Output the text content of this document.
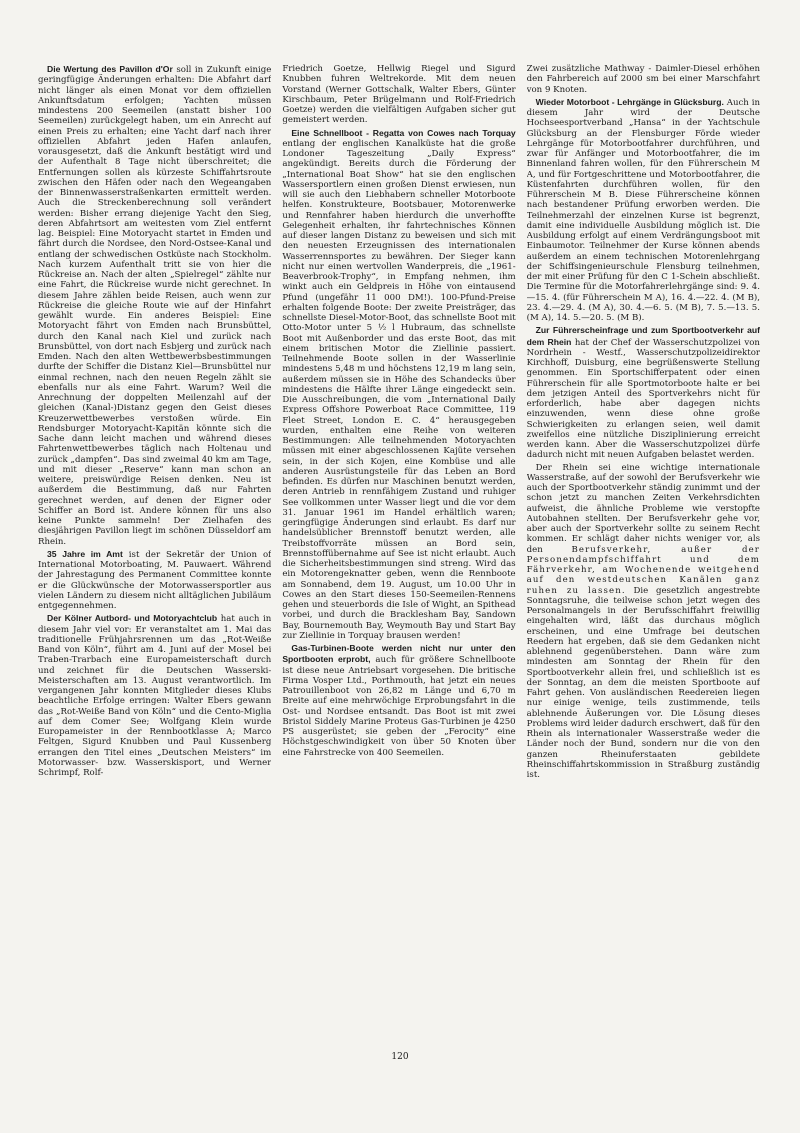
Die Wertung des Pavillon d'Or soll in Zukunft einige geringfügige Änderungen erhalten: Die Abfahrt darf nicht länger als einen Monat vor dem offiziellen Ankunftsdatum erfolgen; Yachten müssen mindestens 200 Seemeilen (anstatt bisher 100 Seemeilen) zurückgelegt haben, um ein Anrecht auf einen Preis zu erhalten; eine Yacht darf nach ihrer offiziellen Abfahrt jeden Hafen anlaufen, vorausgesetzt, daß die Ankunft bestätigt wird und der Aufenthalt 8 Tage nicht überschreitet; die Entfernungen sollen als kürzeste Schiffahrtsroute zwischen den Häfen oder nach den Wegeangaben der Binnenwasserstraßenkarten ermittelt werden. Auch die Streckenberechnung soll verändert werden: Bisher errang diejenige Yacht den Sieg, deren Abfahrtsort am weitesten vom Ziel entfernt lag. Beispiel: Eine Motoryacht startet in Emden und fährt durch die Nordsee, den Nord-Ostsee-Kanal und entlang der schwedischen Ostküste nach Stockholm. Nach kurzem Aufenthalt tritt sie von hier die Rückreise an. Nach der alten „Spielregel“ zählte nur eine Fahrt, die Rückreise wurde nicht gerechnet. In diesem Jahre zählen beide Reisen, auch wenn zur Rückreise die gleiche Route wie auf der Hinfahrt gewählt wurde. Ein anderes Beispiel: Eine Motoryacht fährt von Emden nach Brunsbüttel, durch den Kanal nach Kiel und zurück nach Brunsbüttel, von dort nach Esbjerg und zurück nach Emden. Nach den alten Wettbewerbsbestimmungen durfte der Schiffer die Distanz Kiel—Brunsbüttel nur einmal rechnen, nach den neuen Regeln zählt sie ebenfalls nur als eine Fahrt. Warum? Weil die Anrechnung der doppelten Meilenzahl auf der gleichen (Kanal-)Distanz gegen den Geist dieses Kreuzerwettbewerbes verstoßen würde. Ein Rendsburger Motoryacht-Kapitän könnte sich die Sache dann leicht machen und während dieses Fahrtenwettbewerbes täglich nach Holtenau und zurück „dampfen“. Das sind zweimal 40 km am Tage, und mit dieser „Reserve“ kann man schon an weitere, preiswürdige Reisen denken. Neu ist außerdem die Bestimmung, daß nur Fahrten gerechnet werden, auf denen der Eigner oder Schiffer an Bord ist. Andere können für uns also keine Punkte sammeln! Der Zielhafen des diesjährigen Pavillon liegt im schönen Düsseldorf am Rhein.

35 Jahre im Amt ist der Sekretär der Union of International Motorboating, M. Pauwaert. Während der Jahrestagung des Permanent Committee konnte er die Glückwünsche der Motorwassersportler aus vielen Ländern zu diesem nicht alltäglichen Jubiläum entgegennehmen.

Der Kölner Autbord- und Motoryachtclub hat auch in diesem Jahr viel vor: Er veranstaltet am 1. Mai das traditionelle Frühjahrsrennen um das „Rot-Weiße Band von Köln“, führt am 4. Juni auf der Mosel bei Traben-Trarbach eine Europameisterschaft durch und zeichnet für die Deutschen Wasserski-Meisterschaften am 13. August verantwortlich. Im vergangenen Jahr konnten Mitglieder dieses Klubs beachtliche Erfolge erringen: Walter Ebers gewann das „Rot-Weiße Band von Köln“ und die Cento-Miglia auf dem Comer See; Wolfgang Klein wurde Europameister in der Rennbootklasse A; Marco Feltgen, Sigurd Knubben und Paul Kussenberg errangen den Titel eines „Deutschen Meisters“ im Motorwasser- bzw. Wasserskisport, und Werner Schrimpf, Rolf-

Friedrich Goetze, Hellwig Riegel und Sigurd Knubben fuhren Weltrekorde. Mit dem neuen Vorstand (Werner Gottschalk, Walter Ebers, Günter Kirschbaum, Peter Brügelmann und Rolf-Friedrich Goetze) werden die vielfältigen Aufgaben sicher gut gemeistert werden.

Eine Schnellboot - Regatta von Cowes nach Torquay entlang der englischen Kanalküste hat die große Londoner Tageszeitung „Daily Express“ angekündigt. Bereits durch die Förderung der „International Boat Show“ hat sie den englischen Wassersportlern einen großen Dienst erwiesen, nun will sie auch den Liebhabern schneller Motorboote helfen. Konstrukteure, Bootsbauer, Motorenwerke und Rennfahrer haben hierdurch die unverhoffte Gelegenheit erhalten, ihr fahrtechnisches Können auf dieser langen Distanz zu beweisen und sich mit den neuesten Erzeugnissen des internationalen Wasserrennsportes zu bewähren. Der Sieger kann nicht nur einen wertvollen Wanderpreis, die „1961-Beaverbrook-Trophy“, in Empfang nehmen, ihm winkt auch ein Geldpreis in Höhe von eintausend Pfund (ungefähr 11 000 DM!). 100-Pfund-Preise erhalten folgende Boote: Der zweite Preisträger, das schnellste Diesel-Motor-Boot, das schnellste Boot mit Otto-Motor unter 5 ½ l Hubraum, das schnellste Boot mit Außenborder und das erste Boot, das mit einem britischen Motor die Ziellinie passiert. Teilnehmende Boote sollen in der Wasserlinie mindestens 5,48 m und höchstens 12,19 m lang sein, außerdem müssen sie in Höhe des Schandecks über mindestens die Hälfte ihrer Länge eingedeckt sein. Die Ausschreibungen, die vom „International Daily Express Offshore Powerboat Race Committee, 119 Fleet Street, London E. C. 4“ herausgegeben wurden, enthalten eine Reihe von weiteren Bestimmungen: Alle teilnehmenden Motoryachten müssen mit einer abgeschlossenen Kajüte versehen sein, in der sich Kojen, eine Kombüse und alle anderen Ausrüstungsteile für das Leben an Bord befinden. Es dürfen nur Maschinen benutzt werden, deren Antrieb in rennfähigem Zustand und ruhiger See vollkommen unter Wasser liegt und die vor dem 31. Januar 1961 im Handel erhältlich waren; geringfügige Änderungen sind erlaubt. Es darf nur handelsüblicher Brennstoff benutzt werden, alle Treibstoffvorräte müssen an Bord sein, Brennstoffübernahme auf See ist nicht erlaubt. Auch die Sicherheitsbestimmungen sind streng. Wird das ein Motorengeknatter geben, wenn die Rennboote am Sonnabend, dem 19. August, um 10.00 Uhr in Cowes an den Start dieses 150-Seemeilen-Rennens gehen und steuerbords die Isle of Wight, an Spithead vorbei, und durch die Bracklesham Bay, Sandown Bay, Bournemouth Bay, Weymouth Bay und Start Bay zur Ziellinie in Torquay brausen werden!

Gas-Turbinen-Boote werden nicht nur unter den Sportbooten erprobt, auch für größere Schnellboote ist diese neue Antriebsart vorgesehen. Die britische Firma Vosper Ltd., Porthmouth, hat jetzt ein neues Patrouillenboot von 26,82 m Länge und 6,70 m Breite auf eine mehrwöchige Erprobungsfahrt in die Ost- und Nordsee entsandt. Das Boot ist mit zwei Bristol Siddely Marine Proteus Gas-Turbinen je 4250 PS ausgerüstet; sie geben der „Ferocity“ eine Höchstgeschwindigkeit von über 50 Knoten über eine Fahrstrecke von 400 Seemeilen.

Zwei zusätzliche Mathway - Daimler-Diesel erhöhen den Fahrbereich auf 2000 sm bei einer Marschfahrt von 9 Knoten.

Wieder Motorboot - Lehrgänge in Glücksburg. Auch in diesem Jahr wird der Deutsche Hochseesportverband „Hansa“ in der Yachtschule Glücksburg an der Flensburger Förde wieder Lehrgänge für Motorbootfahrer durchführen, und zwar für Anfänger und Motorbootfahrer, die im Binnenland fahren wollen, für den Führerschein M A, und für Fortgeschrittene und Motorbootfahrer, die Küstenfahrten durchführen wollen, für den Führerschein M B. Diese Führerscheine können nach bestandener Prüfung erworben werden. Die Teilnehmerzahl der einzelnen Kurse ist begrenzt, damit eine individuelle Ausbildung möglich ist. Die Ausbildung erfolgt auf einem Verdrängungsboot mit Einbaumotor. Teilnehmer der Kurse können abends außerdem an einem technischen Motorenlehrgang der Schiffsingenieurschule Flensburg teilnehmen, der mit einer Prüfung für den C 1-Schein abschließt. Die Termine für die Motorfahrerlehrgänge sind: 9. 4.—15. 4. (für Führerschein M A), 16. 4.—22. 4. (M B), 23. 4.—29. 4. (M A), 30. 4.—6. 5. (M B), 7. 5.—13. 5. (M A), 14. 5.—20. 5. (M B).

Zur Führerscheinfrage und zum Sportbootverkehr auf dem Rhein hat der Chef der Wasserschutzpolizei von Nordrhein - Westf., Wasserschutzpolizeidirektor Kirchhoff, Duisburg, eine begrüßenswerte Stellung genommen. Ein Sportschifferpatent oder einen Führerschein für alle Sportmotorboote halte er bei dem jetzigen Anteil des Sportverkehrs nicht für erforderlich, habe aber dagegen nichts einzuwenden, wenn diese ohne große Schwierigkeiten zu erlangen seien, weil damit zweifellos eine nützliche Disziplinierung erreicht werden kann. Aber die Wasserschutzpolizei dürfe dadurch nicht mit neuen Aufgaben belastet werden.

Der Rhein sei eine wichtige internationale Wasserstraße, auf der sowohl der Berufsverkehr wie auch der Sportbootverkehr ständig zunimmt und der schon jetzt zu manchen Zeiten Verkehrsdichten aufweist, die ähnliche Probleme wie verstopfte Autobahnen stellten. Der Berufsverkehr gehe vor, aber auch der Sportverkehr sollte zu seinem Recht kommen. Er schlägt daher nichts weniger vor, als den Berufsverkehr, außer der Personendampfschiffahrt und dem Fährverkehr, am Wochenende weitgehend auf den westdeutschen Kanälen ganz ruhen zu lassen. Die gesetzlich angestrebte Sonntagsruhe, die teilweise schon jetzt wegen des Personalmangels in der Berufsschiffahrt freiwillig eingehalten wird, läßt das durchaus möglich erscheinen, und eine Umfrage bei deutschen Reedern hat ergeben, daß sie dem Gedanken nicht ablehnend gegenüberstehen. Dann wäre zum mindesten am Sonntag der Rhein für den Sportbootverkehr allein frei, und schließlich ist es der Sonntag, an dem die meisten Sportboote auf Fahrt gehen. Von ausländischen Reedereien liegen nur einige wenige, teils zustimmende, teils ablehnende Äußerungen vor. Die Lösung dieses Problems wird leider dadurch erschwert, daß für den Rhein als internationaler Wasserstraße weder die Länder noch der Bund, sondern nur die von den ganzen Rheinuferstaaten gebildete Rheinschiffahrtskommission in Straßburg zuständig ist.

120
